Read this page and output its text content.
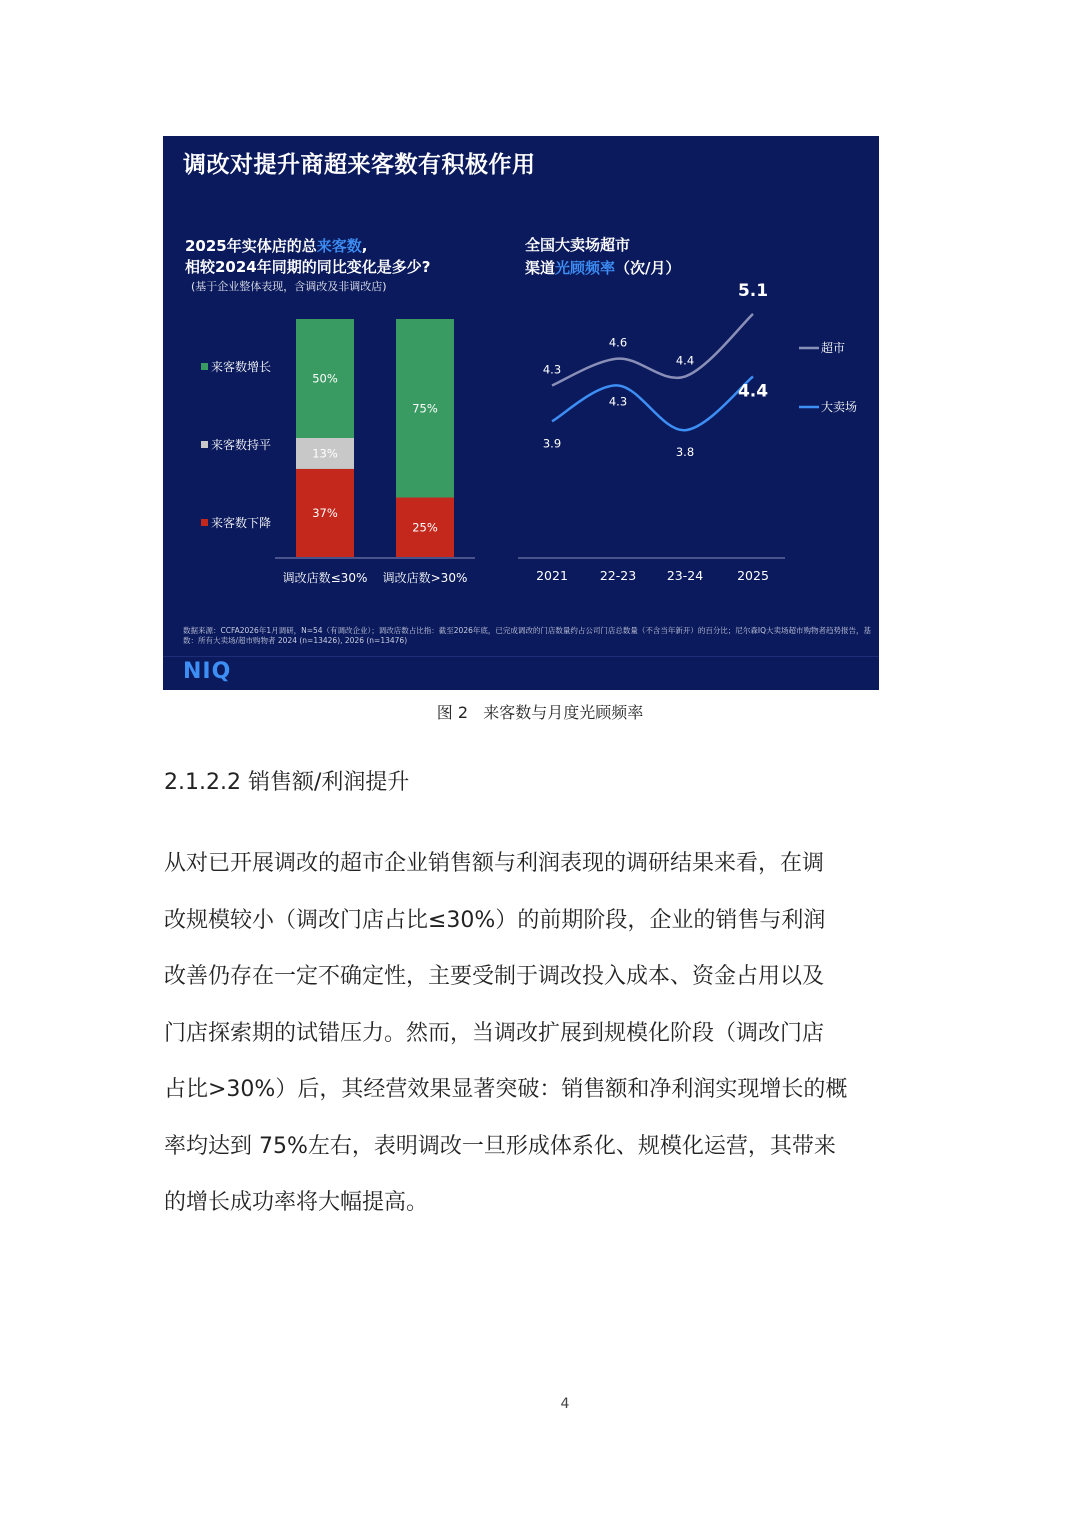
调改对提升商超来客数有积极作用
2025年实体店的总来客数,
相较2024年同期的同比变化是多少?
(基于企业整体表现，含调改及非调改店)
全国大卖场超市
渠道光顾频率（次/月）
来客数增长
来客数持平
来客数下降
37%
13%
50%
调改店数≤30%
25%
75%
调改店数>30%	2021	22-23 23-24	2025
4.3
4.6
4.4
5.1
超市
3.9
4.3
3.8
4.4
大卖场
数据来源：CCFA2026年1月调研，N=54（有调改企业）；调改店数占比指：截至2026年底，已完成调改的门店数量约占公司门店总数量（不含当年新开）的百分比；尼尔森IQ大卖场超市购物者趋势报告，基数：所有大卖场/超市购物者 2024 (n=13426), 2026 (n=13476)
NIQ
图 2 来客数与月度光顾频率
2.1.2.2 销售额/利润提升

从对已开展调改的超市企业销售额与利润表现的调研结果来看，在调

改规模较小（调改门店占比≤30%）的前期阶段，企业的销售与利润

改善仍存在一定不确定性，主要受制于调改投入成本、资金占用以及

门店探索期的试错压力。然而，当调改扩展到规模化阶段（调改门店

占比>30%）后，其经营效果显著突破：销售额和净利润实现增长的概

率均达到 75%左右，表明调改一旦形成体系化、规模化运营，其带来

的增长成功率将大幅提高。

4
